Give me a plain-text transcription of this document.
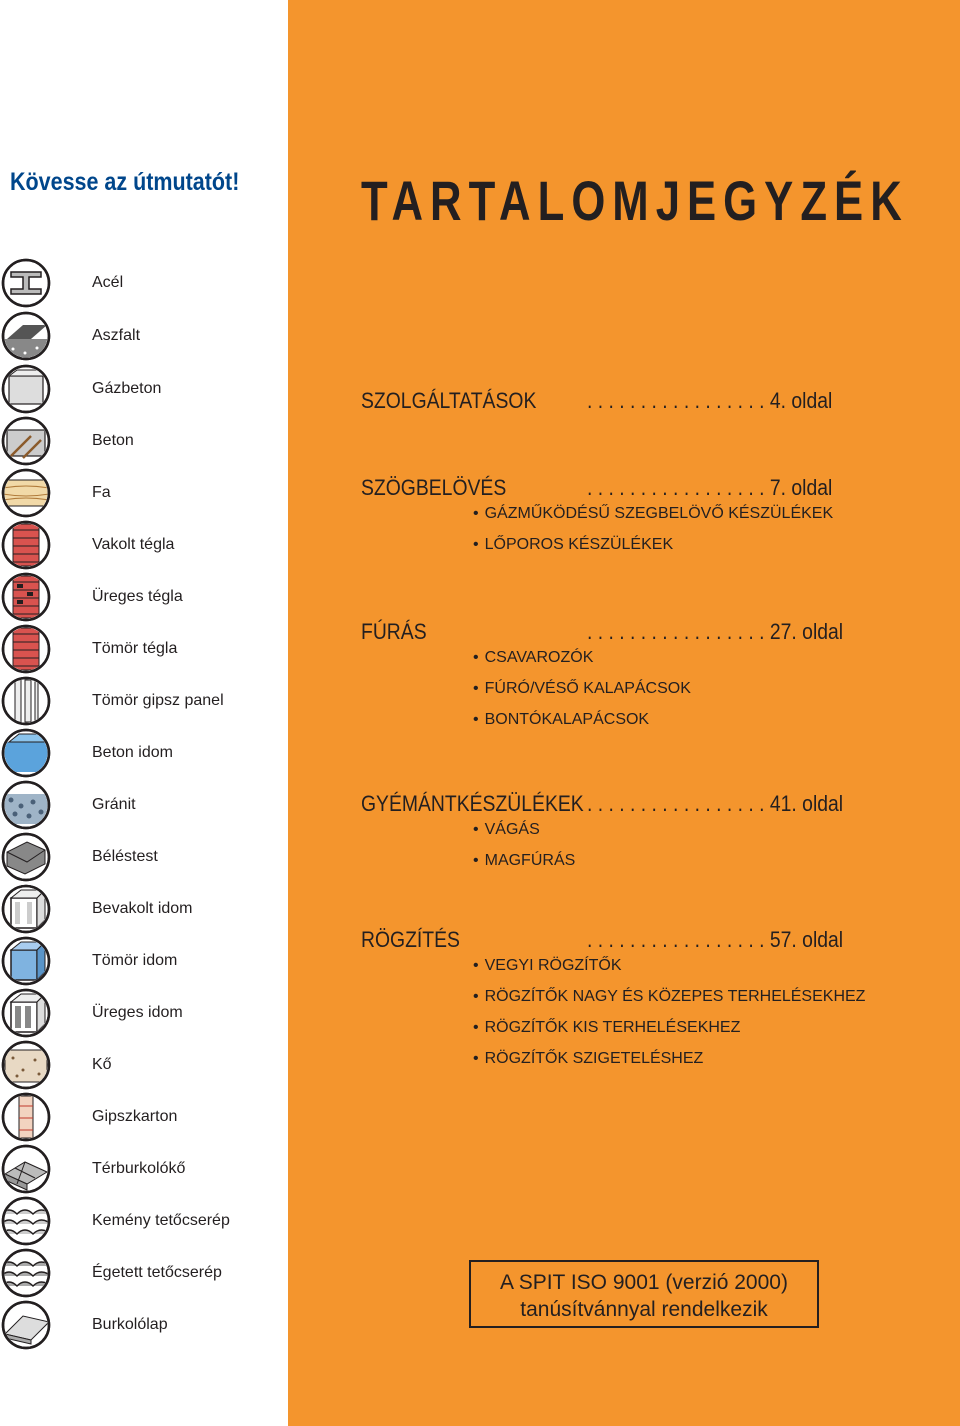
Kövesse az útmutatót! TARTALOMJEGYZÉK
Acél
Aszfalt
Gázbeton
Beton
Fa
Vakolt tégla
Üreges tégla
Tömör tégla
Tömör gipsz panel
Beton idom
Gránit
Béléstest
Bevakolt idom
Tömör idom
Üreges idom
Kő
Gipszkarton
Térburkolókő
Kemény tetőcserép
Égetett tetőcserép
Burkolólap
SZOLGÁLTATÁSOK . . . . . . . . . . . . . . . . . 4. oldal
SZÖGBELÖVÉS	. . . . . . . . . . . . . . . . . 7. oldal
• GÁZMŰKÖDÉSŰ SZEGBELÖVŐ KÉSZÜLÉKEK
• LŐPOROS KÉSZÜLÉKEK
FÚRÁS	. . . . . . . . . . . . . . . . . 27. oldal
• CSAVAROZÓK
• FÚRÓ/VÉSŐ KALAPÁCSOK
• BONTÓKALAPÁCSOK
GYÉMÁNTKÉSZÜLÉKEK . . . . . . . . . . . . . . . . . 41. oldal
• VÁGÁS
• MAGFÚRÁS
RÖGZÍTÉS	. . . . . . . . . . . . . . . . . 57. oldal
• VEGYI RÖGZÍTŐK
• RÖGZÍTŐK NAGY ÉS KÖZEPES TERHELÉSEKHEZ
• RÖGZÍTŐK KIS TERHELÉSEKHEZ
• RÖGZÍTŐK SZIGETELÉSHEZ
A SPIT ISO 9001 (verzió 2000)
tanúsítvánnyal rendelkezik
